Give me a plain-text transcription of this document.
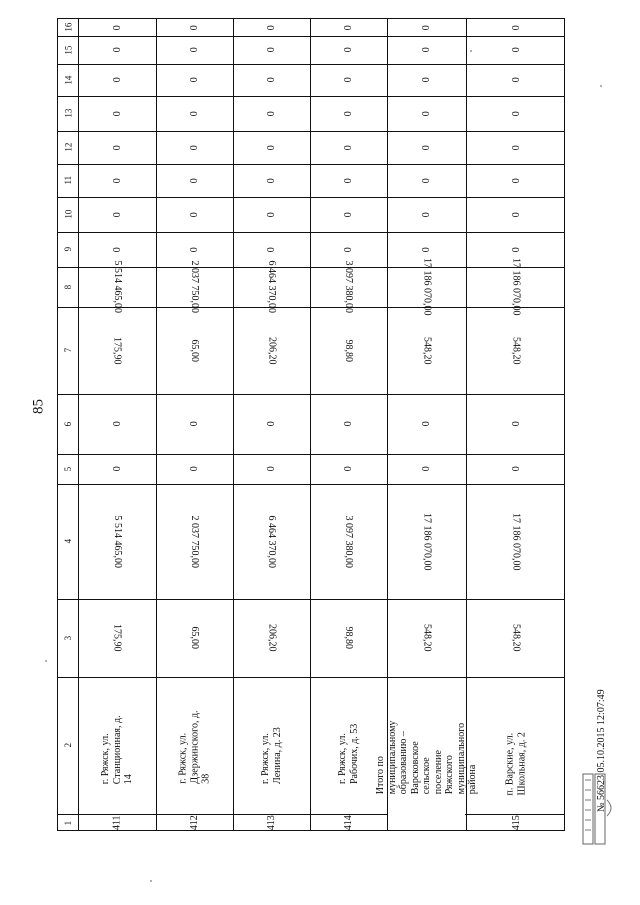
85
1
2
3
4
5
6
7
8
9
10
11
12
13
14
15
16
411
г. Ряжск, ул. Станционная, д. 14
175,90
5 514 465,00
0
0
175,90
5 514 465,00
0
0
0
0
0
0
0
0
412
г. Ряжск, ул. Дзержинского, д. 38
65,00
2 037 750,00
0
0
65,00
2 037 750,00
0
0
0
0
0
0
0
0
413
г. Ряжск, ул. Ленина, д. 23
206,20
6 464 370,00
0
0
206,20
6 464 370,00
0
0
0
0
0
0
0
0
414
г. Ряжск, ул. Рабочих, д. 53
98,80
3 097 380,00
0
0
98,80
3 097 380,00
0
0
0
0
0
0
0
0
Итого по муниципальному образованию – Варсковское сельское поселение Ряжского муниципального района
548,20
17 186 070,00
0
0
548,20
17 186 070,00
0
0
0
0
0
0
0
0
415
п. Варские, ул. Школьная, д. 2
548,20
17 186 070,00
0
0
548,20
17 186 070,00
0
0
0
0
0
0
0
0
№ 56623 05.10.2015 12:07:49
